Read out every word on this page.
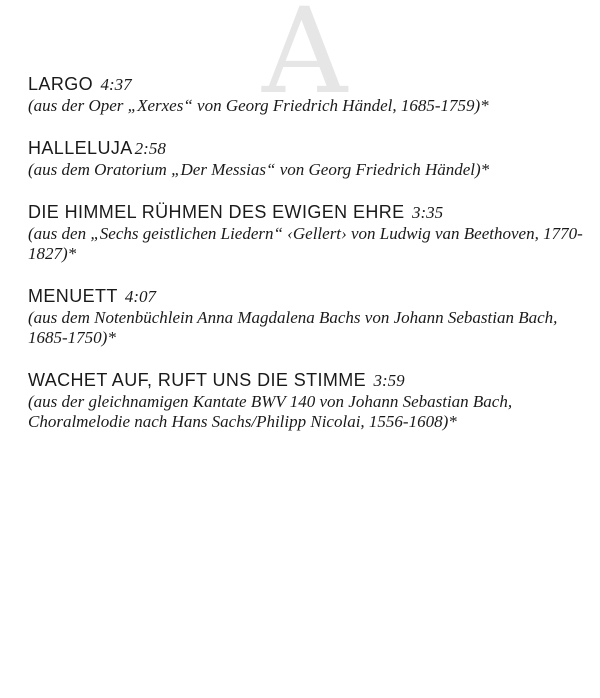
A
LARGO 4:37
(aus der Oper „Xerxes“ von Georg Friedrich Händel, 1685-1759)*
HALLELUJA 2:58
(aus dem Oratorium „Der Messias“ von Georg Friedrich Händel)*
DIE HIMMEL RÜHMEN DES EWIGEN EHRE 3:35
(aus den „Sechs geistlichen Liedern“ ‹Gellert› von Ludwig van Beethoven, 1770-1827)*
MENUETT 4:07
(aus dem Notenbüchlein Anna Magdalena Bachs von Johann Sebastian Bach, 1685-1750)*
WACHET AUF, RUFT UNS DIE STIMME 3:59
(aus der gleichnamigen Kantate BWV 140 von Johann Sebastian Bach, Choralmelodie nach Hans Sachs/Philipp Nicolai, 1556-1608)*
